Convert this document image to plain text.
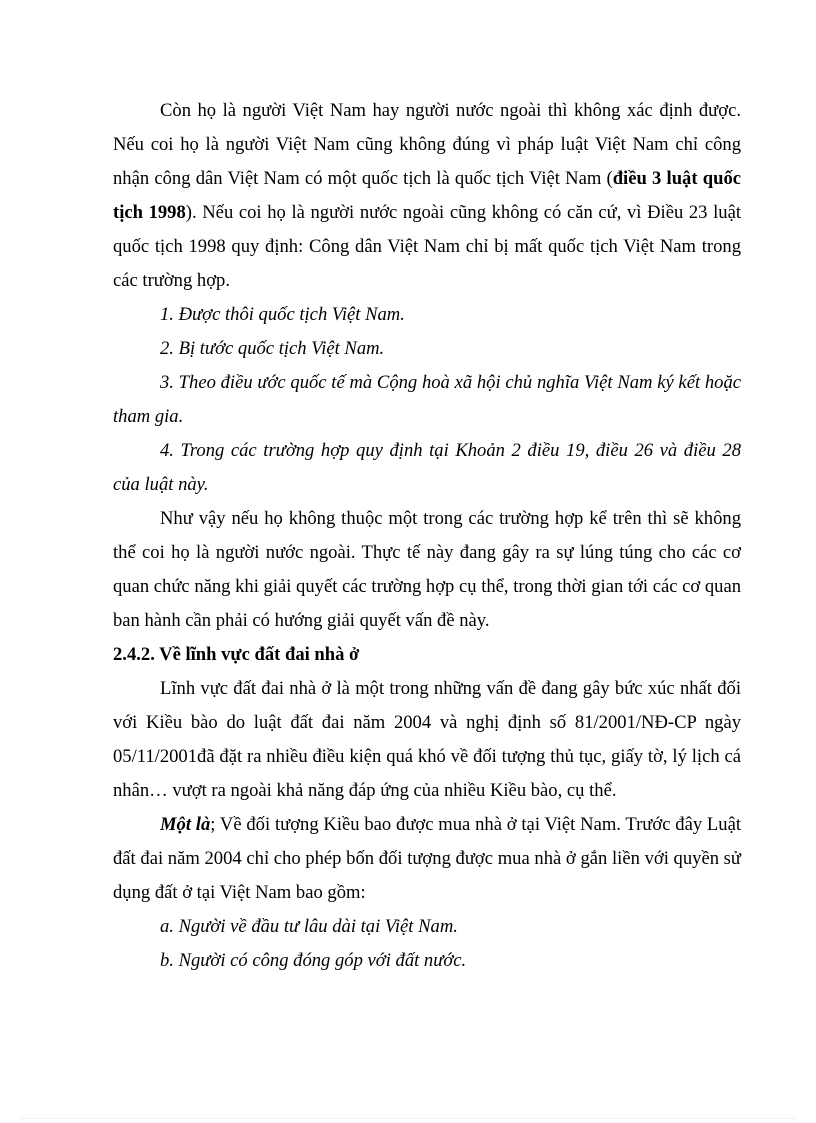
Còn họ là người Việt Nam hay người nước ngoài thì không xác định được. Nếu coi họ là người Việt Nam cũng không đúng vì pháp luật Việt Nam chỉ công nhận công dân Việt Nam có một quốc tịch là quốc tịch Việt Nam (điều 3 luật quốc tịch 1998). Nếu coi họ là người nước ngoài cũng không có căn cứ, vì Điều 23 luật quốc tịch 1998 quy định: Công dân Việt Nam chỉ bị mất quốc tịch Việt Nam trong các trường hợp.

1. Được thôi quốc tịch Việt Nam.

2. Bị tước quốc tịch Việt Nam.

3. Theo điều ước quốc tế mà Cộng hoà xã hội chủ nghĩa Việt Nam ký kết hoặc tham gia.

4. Trong các trường hợp quy định tại Khoản 2 điều 19, điều 26 và điều 28 của luật này.

Như vậy nếu họ không thuộc một trong các trường hợp kể trên thì sẽ không thể coi họ là người nước ngoài. Thực tế này đang gây ra sự lúng túng cho các cơ quan chức năng khi giải quyết các trường hợp cụ thể, trong thời gian tới các cơ quan ban hành cần phải có hướng giải quyết vấn đề này.

2.4.2. Về lĩnh vực đất đai nhà ở

Lĩnh vực đất đai nhà ở là một trong những vấn đề đang gây bức xúc nhất đối với Kiều bào do luật đất đai năm 2004 và nghị định số 81/2001/NĐ-CP ngày 05/11/2001đã đặt ra nhiều điều kiện quá khó về đối tượng thủ tục, giấy tờ, lý lịch cá nhân… vượt ra ngoài khả năng đáp ứng của nhiều Kiều bào, cụ thể.

Một là; Về đối tượng Kiều bao được mua nhà ở tại Việt Nam. Trước đây Luật đất đai năm 2004 chỉ cho phép bốn đối tượng được mua nhà ở gắn liền với quyền sử dụng đất ở tại Việt Nam bao gồm:

a. Người về đầu tư lâu dài tại Việt Nam.

b. Người có công đóng góp với đất nước.
